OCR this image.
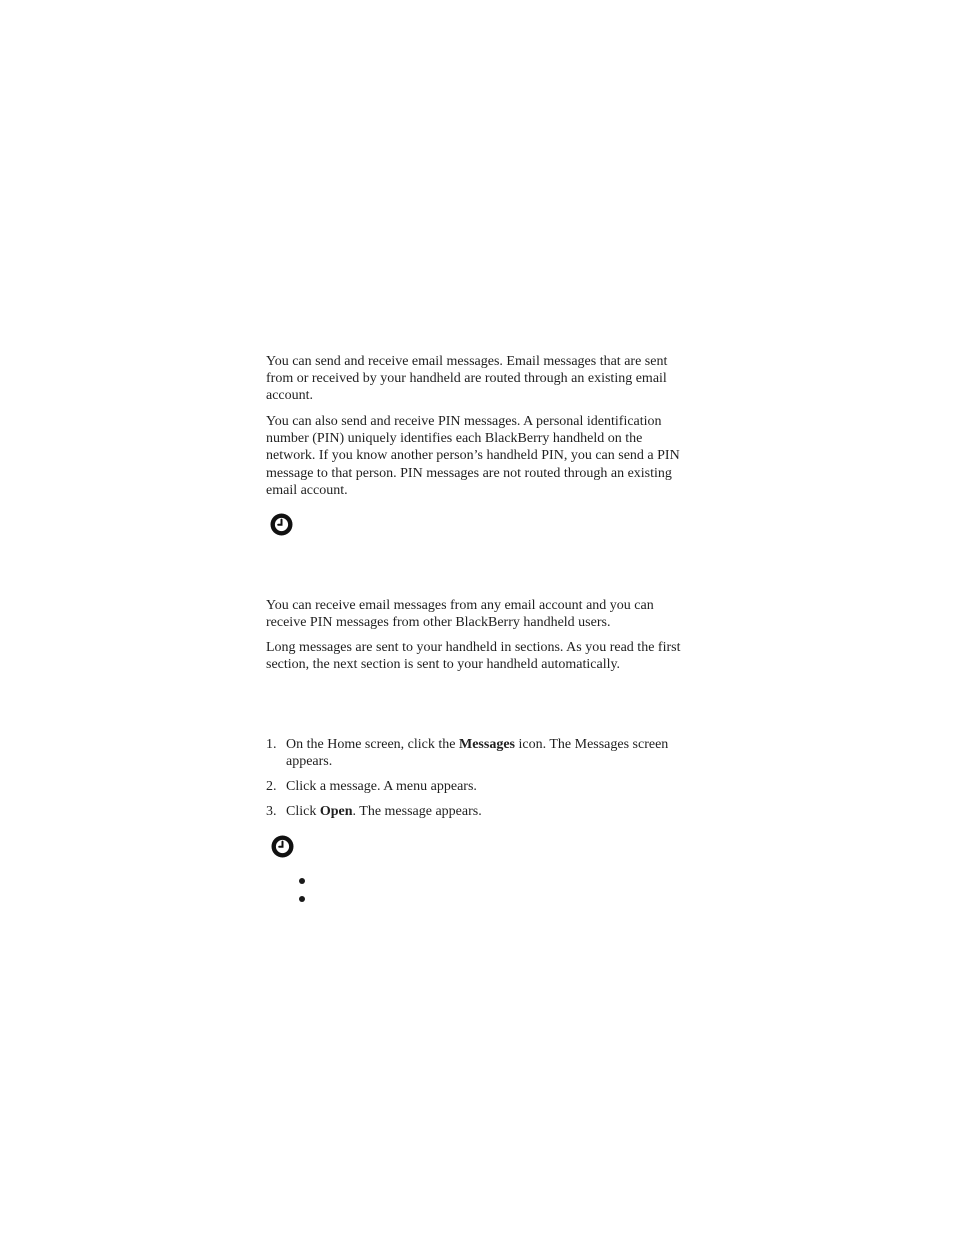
You can send and receive email messages. Email messages that are sent from or received by your handheld are routed through an existing email account.

You can also send and receive PIN messages. A personal identification number (PIN) uniquely identifies each BlackBerry handheld on the network. If you know another person’s handheld PIN, you can send a PIN message to that person. PIN messages are not routed through an existing email account.

You can receive email messages from any email account and you can receive PIN messages from other BlackBerry handheld users.

Long messages are sent to your handheld in sections. As you read the first section, the next section is sent to your handheld automatically.

1. On the Home screen, click the Messages icon. The Messages screen appears.
2. Click a message. A menu appears.
3. Click Open. The message appears.
